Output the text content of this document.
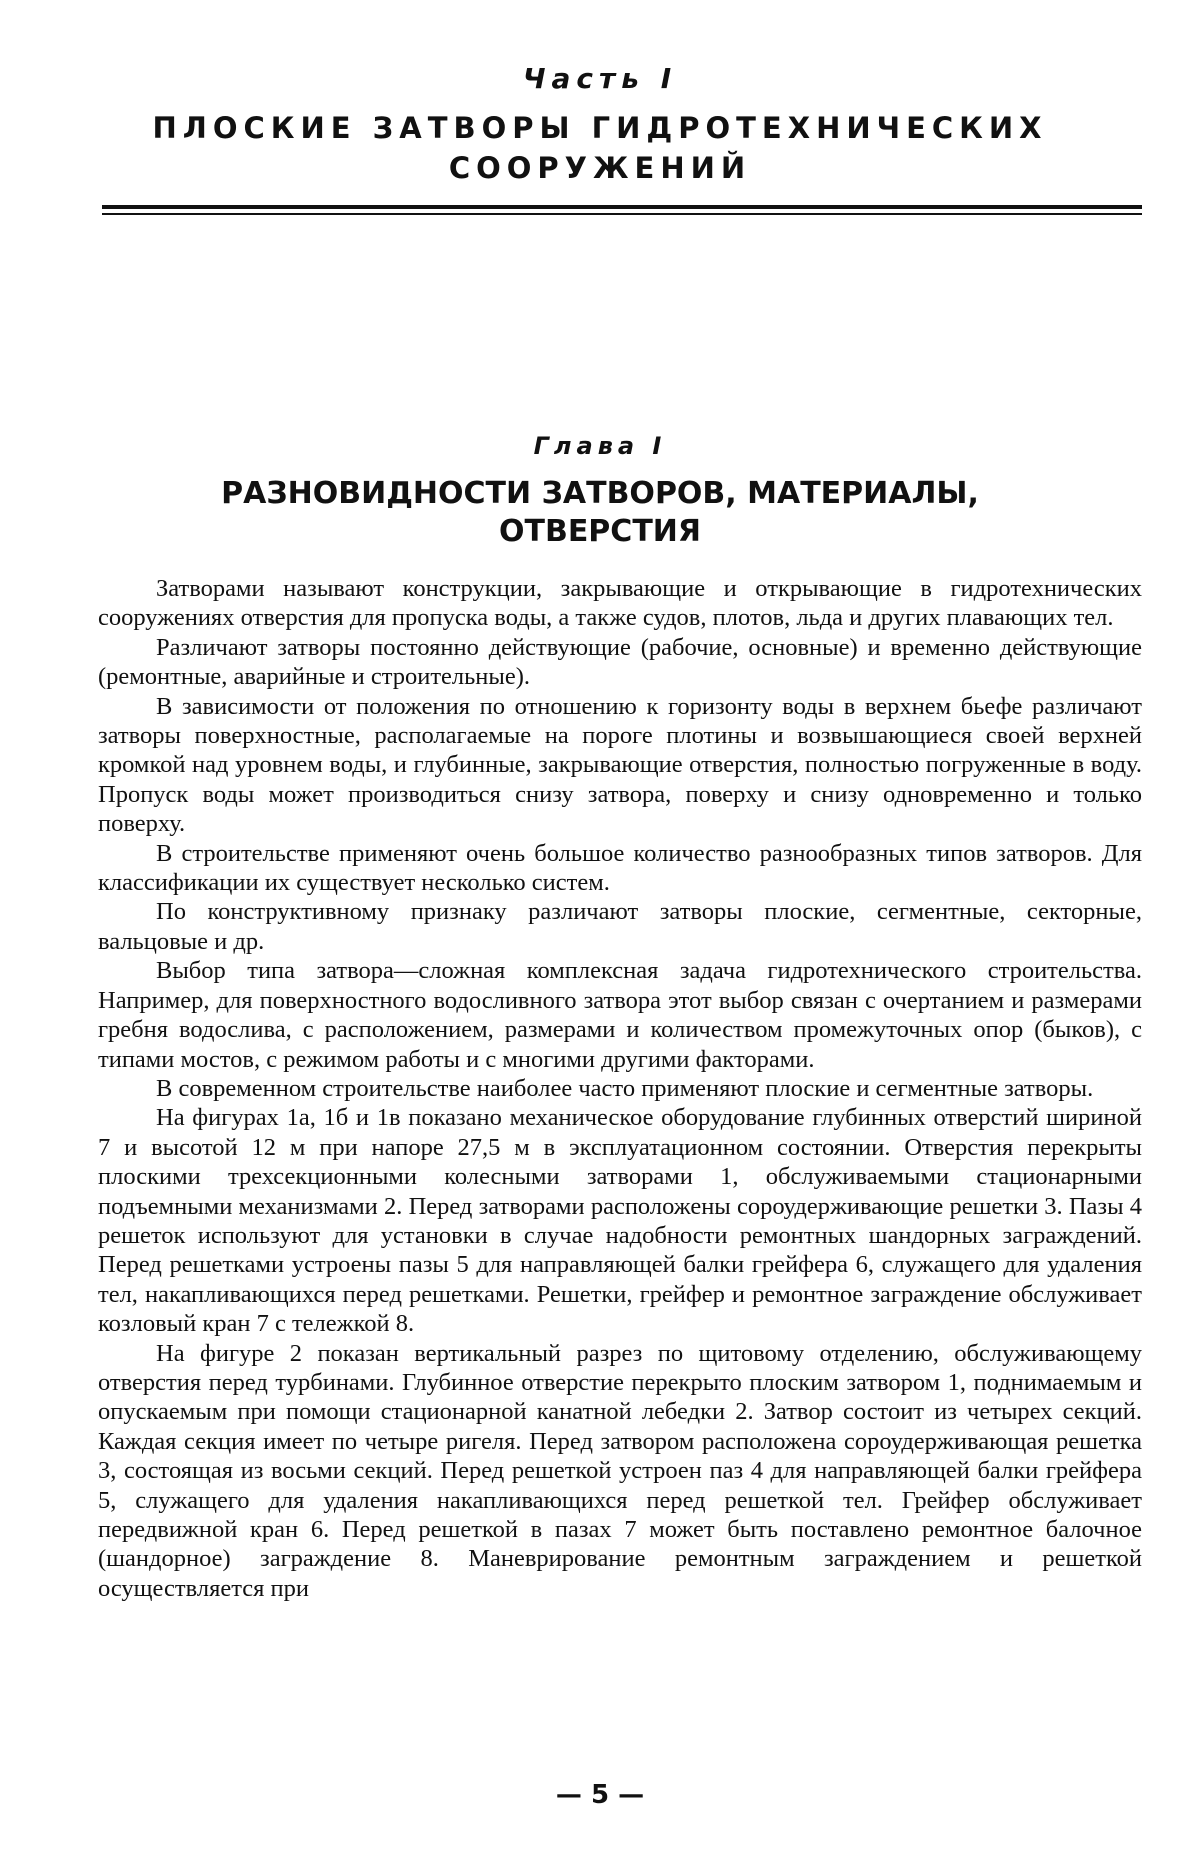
Часть I
ПЛОСКИЕ ЗАТВОРЫ ГИДРОТЕХНИЧЕСКИХ
СООРУЖЕНИЙ
Глава I
РАЗНОВИДНОСТИ ЗАТВОРОВ, МАТЕРИАЛЫ,
ОТВЕРСТИЯ

Затворами называют конструкции, закрывающие и открывающие в гидротехнических сооружениях отверстия для пропуска воды, а также судов, плотов, льда и других плавающих тел.

Различают затворы постоянно действующие (рабочие, основные) и временно действующие (ремонтные, аварийные и строительные).

В зависимости от положения по отношению к горизонту воды в верхнем бьефе различают затворы поверхностные, располагаемые на пороге плотины и возвышающиеся своей верхней кромкой над уровнем воды, и глубинные, закрывающие отверстия, полностью погруженные в воду. Пропуск воды может производиться снизу затвора, поверху и снизу одновременно и только поверху.

В строительстве применяют очень большое количество разнообразных типов затворов. Для классификации их существует несколько систем.

По конструктивному признаку различают затворы плоские, сегментные, секторные, вальцовые и др.

Выбор типа затвора—сложная комплексная задача гидротехнического строительства. Например, для поверхностного водосливного затвора этот выбор связан с очертанием и размерами гребня водослива, с расположением, размерами и количеством промежуточных опор (быков), с типами мостов, с режимом работы и с многими другими факторами.

В современном строительстве наиболее часто применяют плоские и сегментные затворы.

На фигурах 1а, 1б и 1в показано механическое оборудование глубинных отверстий шириной 7 и высотой 12 м при напоре 27,5 м в эксплуатационном состоянии. Отверстия перекрыты плоскими трехсекционными колесными затворами 1, обслуживаемыми стационарными подъемными механизмами 2. Перед затворами расположены сороудерживающие решетки 3. Пазы 4 решеток используют для установки в случае надобности ремонтных шандорных заграждений. Перед решетками устроены пазы 5 для направляющей балки грейфера 6, служащего для удаления тел, накапливающихся перед решетками. Решетки, грейфер и ремонтное заграждение обслуживает козловый кран 7 с тележкой 8.

На фигуре 2 показан вертикальный разрез по щитовому отделению, обслуживающему отверстия перед турбинами. Глубинное отверстие перекрыто плоским затвором 1, поднимаемым и опускаемым при помощи стационарной канатной лебедки 2. Затвор состоит из четырех секций. Каждая секция имеет по четыре ригеля. Перед затвором расположена сороудерживающая решетка 3, состоящая из восьми секций. Перед решеткой устроен паз 4 для направляющей балки грейфера 5, служащего для удаления накапливающихся перед решеткой тел. Грейфер обслуживает передвижной кран 6. Перед решеткой в пазах 7 может быть поставлено ремонтное балочное (шандорное) заграждение 8. Маневрирование ремонтным заграждением и решеткой осуществляется при

— 5 —
